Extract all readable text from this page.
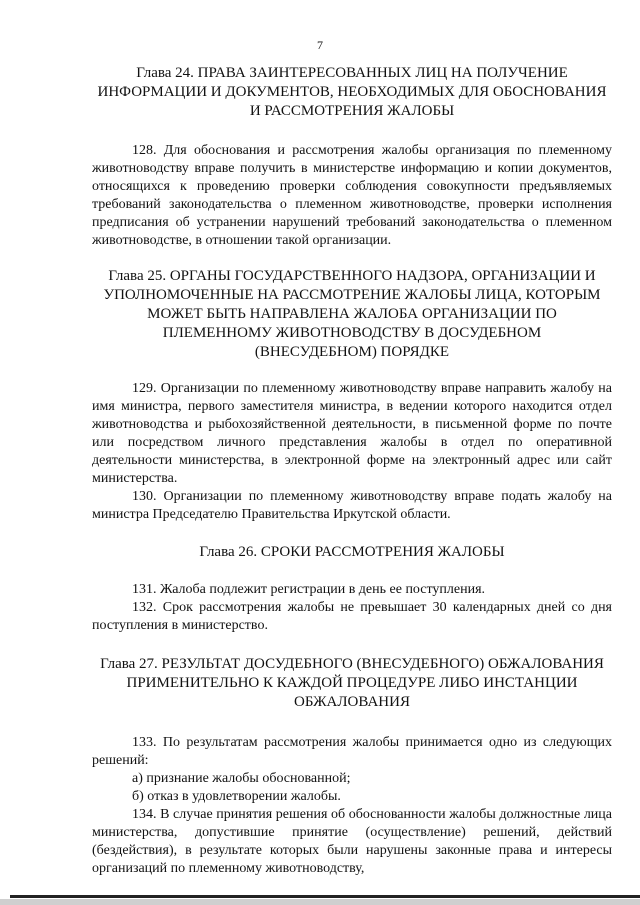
7
Глава 24. ПРАВА ЗАИНТЕРЕСОВАННЫХ ЛИЦ НА ПОЛУЧЕНИЕ
ИНФОРМАЦИИ И ДОКУМЕНТОВ, НЕОБХОДИМЫХ ДЛЯ ОБОСНОВАНИЯ
И РАССМОТРЕНИЯ ЖАЛОБЫ

128. Для обоснования и рассмотрения жалобы организация по племенному животноводству вправе получить в министерстве информацию и копии документов, относящихся к проведению проверки соблюдения совокупности предъявляемых требований законодательства о племенном животноводстве, проверки исполнения предписания об устранении нарушений требований законодательства о племенном животноводстве, в отношении такой организации.

Глава 25. ОРГАНЫ ГОСУДАРСТВЕННОГО НАДЗОРА, ОРГАНИЗАЦИИ И
УПОЛНОМОЧЕННЫЕ НА РАССМОТРЕНИЕ ЖАЛОБЫ ЛИЦА, КОТОРЫМ
МОЖЕТ БЫТЬ НАПРАВЛЕНА ЖАЛОБА ОРГАНИЗАЦИИ ПО
ПЛЕМЕННОМУ ЖИВОТНОВОДСТВУ В ДОСУДЕБНОМ
(ВНЕСУДЕБНОМ) ПОРЯДКЕ

129. Организации по племенному животноводству вправе направить жалобу на имя министра, первого заместителя министра, в ведении которого находится отдел животноводства и рыбохозяйственной деятельности, в письменной форме по почте или посредством личного представления жалобы в отдел по оперативной деятельности министерства, в электронной форме на электронный адрес или сайт министерства.

130. Организации по племенному животноводству вправе подать жалобу на министра Председателю Правительства Иркутской области.

Глава 26. СРОКИ РАССМОТРЕНИЯ ЖАЛОБЫ

131. Жалоба подлежит регистрации в день ее поступления.

132. Срок рассмотрения жалобы не превышает 30 календарных дней со дня поступления в министерство.

Глава 27. РЕЗУЛЬТАТ ДОСУДЕБНОГО (ВНЕСУДЕБНОГО) ОБЖАЛОВАНИЯ
ПРИМЕНИТЕЛЬНО К КАЖДОЙ ПРОЦЕДУРЕ ЛИБО ИНСТАНЦИИ
ОБЖАЛОВАНИЯ

133. По результатам рассмотрения жалобы принимается одно из следующих решений:

а) признание жалобы обоснованной;

б) отказ в удовлетворении жалобы.

134. В случае принятия решения об обоснованности жалобы должностные лица министерства, допустившие принятие (осуществление) решений, действий (бездействия), в результате которых были нарушены законные права и интересы организаций по племенному животноводству,
